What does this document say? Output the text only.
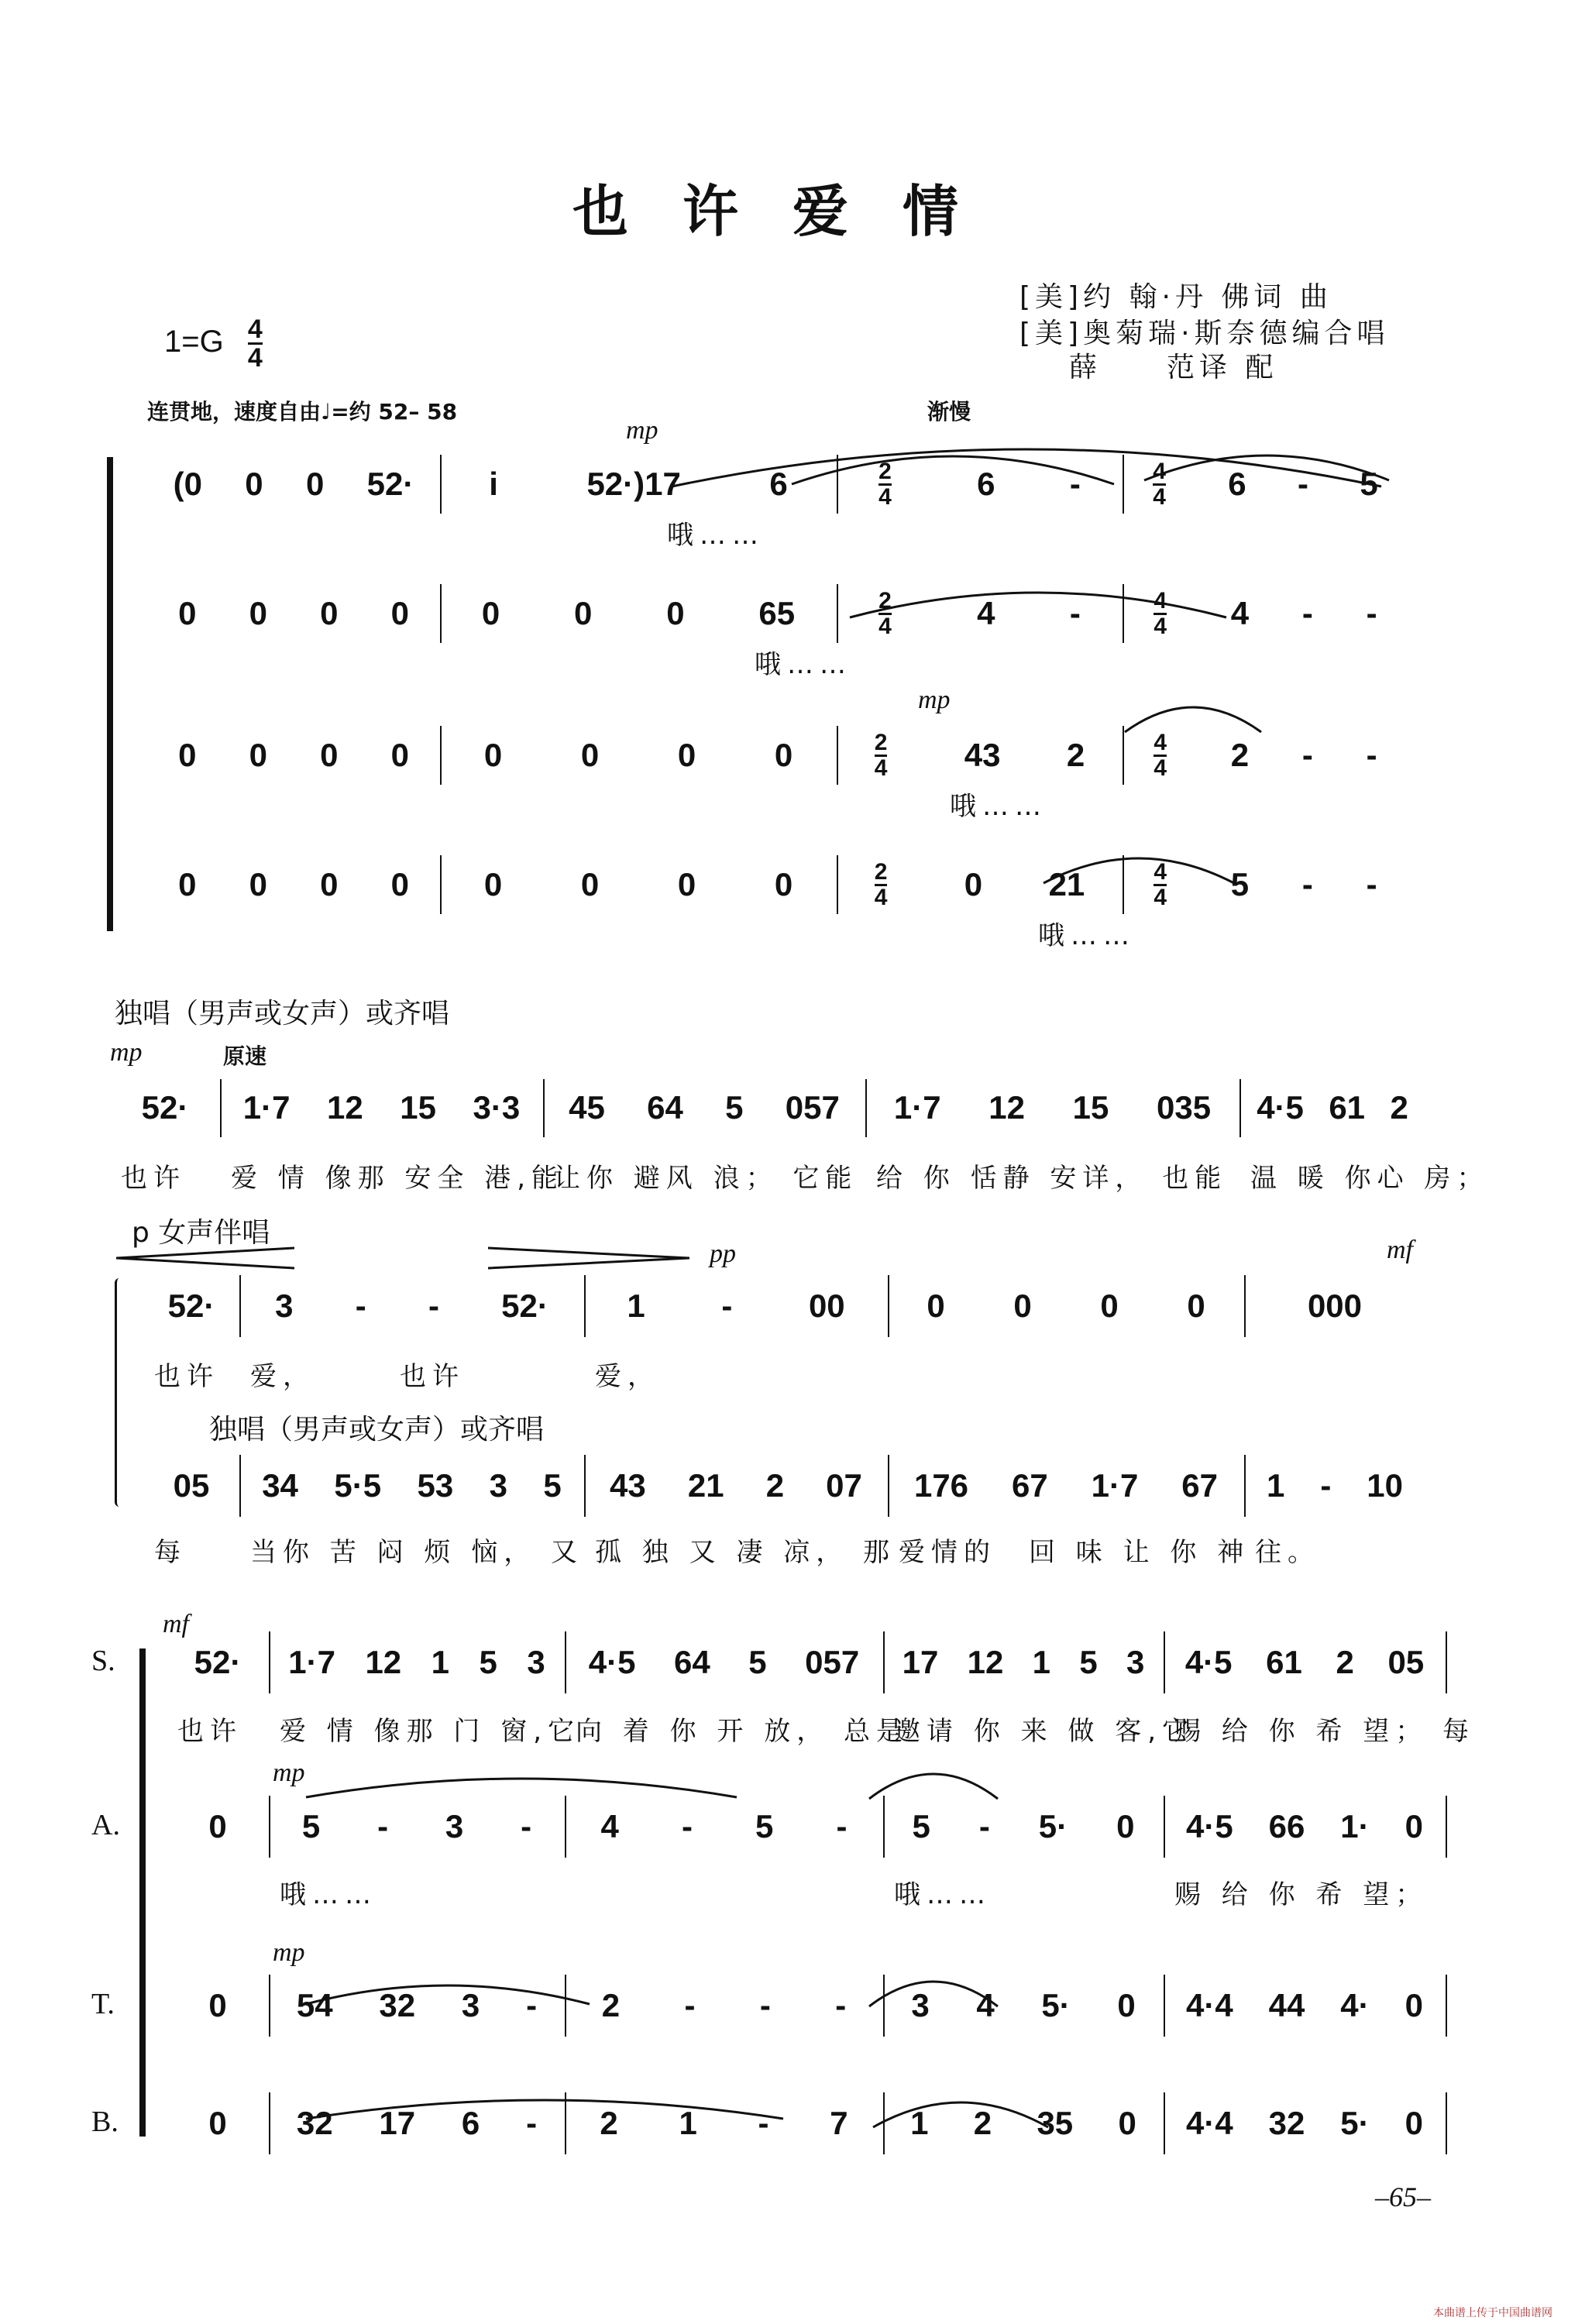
也许爱情
[美]约 翰·丹 佛词 曲
[美]奥菊瑞·斯奈德编合唱
薛　　范译 配
$1=G \frac{4}{4}$
连贯地，速度自由♩=约 52– 58	渐慢
mp
mp
独唱（男声或女声）或齐唱
mp	原速
p 女声伴唱
pp	mf
独唱（男声或女声）或齐唱
mf
mp
mp
–65–
本曲谱上传于中国曲谱网
(0 0 0 52· i	52·)17	6	$\frac{2}{4}$	6 -	$\frac{4}{4} 6 - 5$
哦……
0 0 0 0 0 0 0 65	$\frac{2}{4}$	4 -	$\frac{4}{4} 4$ - -
哦……
0 0 0 0 0 0 0 0	$\frac{2}{4} 43$ 2	$\frac{4}{4} 2$ - -
哦……
0 0 0 0 0 0 0 0	$\frac{2}{4} 0$ 21	$\frac{4}{4} 5$ - -
哦……
52· 1·7 12 15 3·3 45 64 5 057 1·7 12 15 035 4·5 61 2
也许	爱 情 像那 安全 港,能
让你 避风 浪； 它能 给 你 恬静 安详， 也能 温 暖 你心 房；
52· 3 - - 52· 1 - 00	0 0 0 0	000
也许	爱，　　　也许	爱，
05 34 5·5 53 3 5 43 21 2 07 176 67 1·7 67 1 - 10
每	当你 苦 闷 烦 恼， 又 孤 独 又 凄 凉， 那 爱情的　回 味 让 你 神 往。
S. 52· 1·7 12 1 5 3 4·5 64 5 057 17 12 1 5 3 4·5 61 2 05
也许	爱 情 像那 门 窗,它
向 着 你 开 放， 总是
邀请 你 来 做 客,它
赐 给 你 希 望； 每
A.	0 5 - 3 - 4 - 5 - 5 - 5· 0 4·5 66 1· 0
哦……	哦……	赐 给 你 希 望；
T.	0 54 32 3 - 2 - - - 3 4 5· 0 4·4 44 4· 0
B.	0 32 17 6 - 2 1 - 7 1 2 35 0 4·4 32 5· 0
